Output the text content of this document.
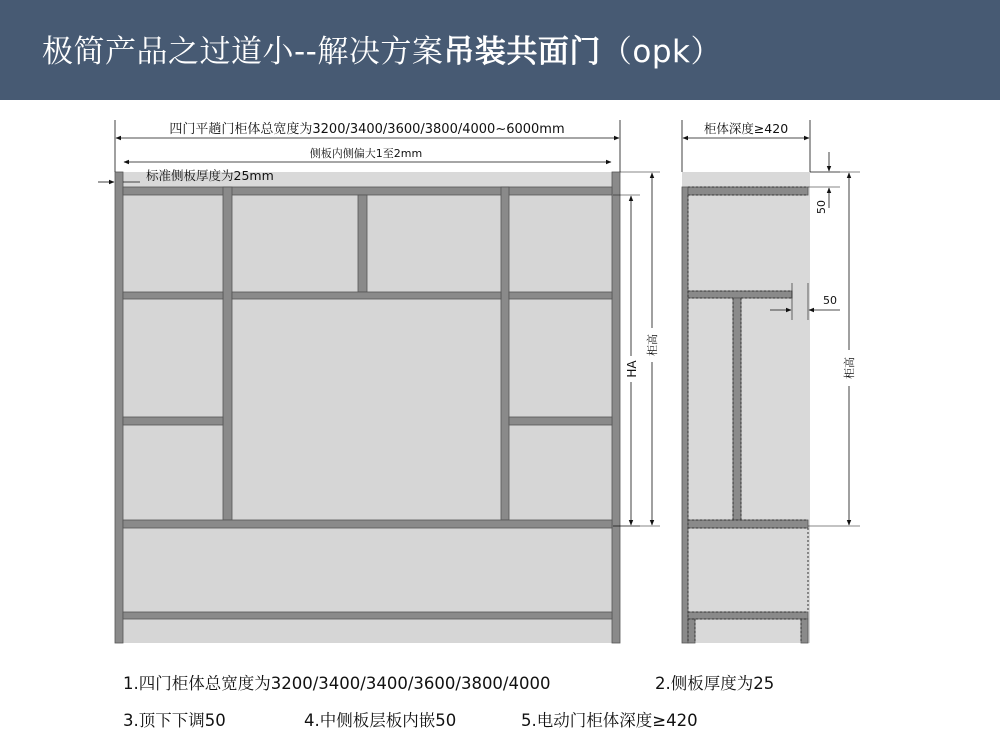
极简产品之过道小--解决方案吊装共面门（opk）
四门平趟门柜体总宽度为3200/3400/3600/3800/4000~6000mm
侧板内侧偏大1至2mm
标准侧板厚度为25mm
HA
柜高
柜体深度≥420
50
50
柜高
1.四门柜体总宽度为3200/3400/3400/3600/3800/4000	2.侧板厚度为25
3.顶下下调50	4.中侧板层板内嵌50	5.电动门柜体深度≥420
